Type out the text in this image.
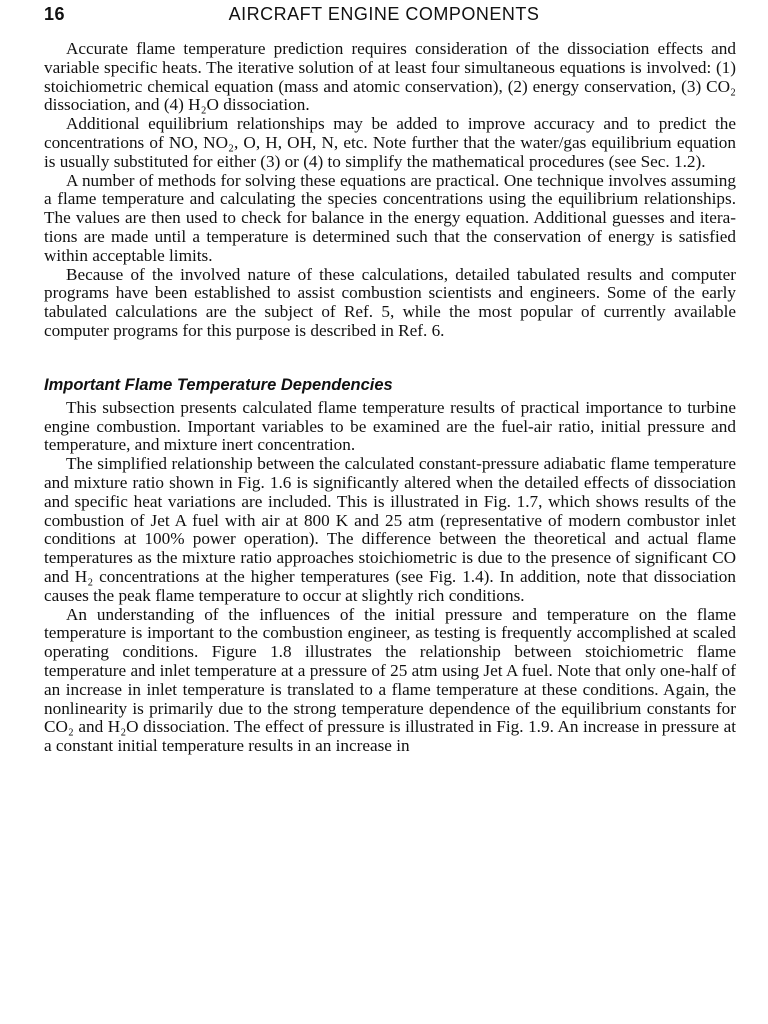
16	AIRCRAFT ENGINE COMPONENTS

Accurate flame temperature prediction requires consideration of the dissociation effects and variable specific heats. The iterative solution of at least four simultaneous equations is involved: (1) stoichiometric chemical equation (mass and atomic conservation), (2) energy conservation, (3) CO₂ dissociation, and (4) H₂O dissociation.

Additional equilibrium relationships may be added to improve accuracy and to predict the concentrations of NO, NO₂, O, H, OH, N, etc. Note further that the water/gas equilibrium equation is usually substituted for either (3) or (4) to simplify the mathematical procedures (see Sec. 1.2).

A number of methods for solving these equations are practical. One technique involves assuming a flame temperature and calculating the species concentrations using the equilibrium relationships. The values are then used to check for balance in the energy equation. Additional guesses and iterations are made until a temperature is determined such that the conservation of energy is satisfied within acceptable limits.

Because of the involved nature of these calculations, detailed tabulated results and computer programs have been established to assist combustion scientists and engineers. Some of the early tabulated calculations are the subject of Ref. 5, while the most popular of currently available computer programs for this purpose is described in Ref. 6.

Important Flame Temperature Dependencies

This subsection presents calculated flame temperature results of practical importance to turbine engine combustion. Important variables to be examined are the fuel-air ratio, initial pressure and temperature, and mixture inert concentration.

The simplified relationship between the calculated constant-pressure adiabatic flame temperature and mixture ratio shown in Fig. 1.6 is significantly altered when the detailed effects of dissociation and specific heat variations are included. This is illustrated in Fig. 1.7, which shows results of the combustion of Jet A fuel with air at 800 K and 25 atm (representative of modern combustor inlet conditions at 100% power operation). The difference between the theoretical and actual flame temperatures as the mixture ratio approaches stoichiometric is due to the presence of significant CO and H₂ concentrations at the higher temperatures (see Fig. 1.4). In addition, note that dissociation causes the peak flame temperature to occur at slightly rich conditions.

An understanding of the influences of the initial pressure and temperature on the flame temperature is important to the combustion engineer, as testing is frequently accomplished at scaled operating conditions. Figure 1.8 illustrates the relationship between stoichiometric flame temperature and inlet temperature at a pressure of 25 atm using Jet A fuel. Note that only one-half of an increase in inlet temperature is translated to a flame temperature at these conditions. Again, the nonlinearity is primarily due to the strong temperature dependence of the equilibrium constants for CO₂ and H₂O dissociation. The effect of pressure is illustrated in Fig. 1.9. An increase in pressure at a constant initial temperature results in an increase in
